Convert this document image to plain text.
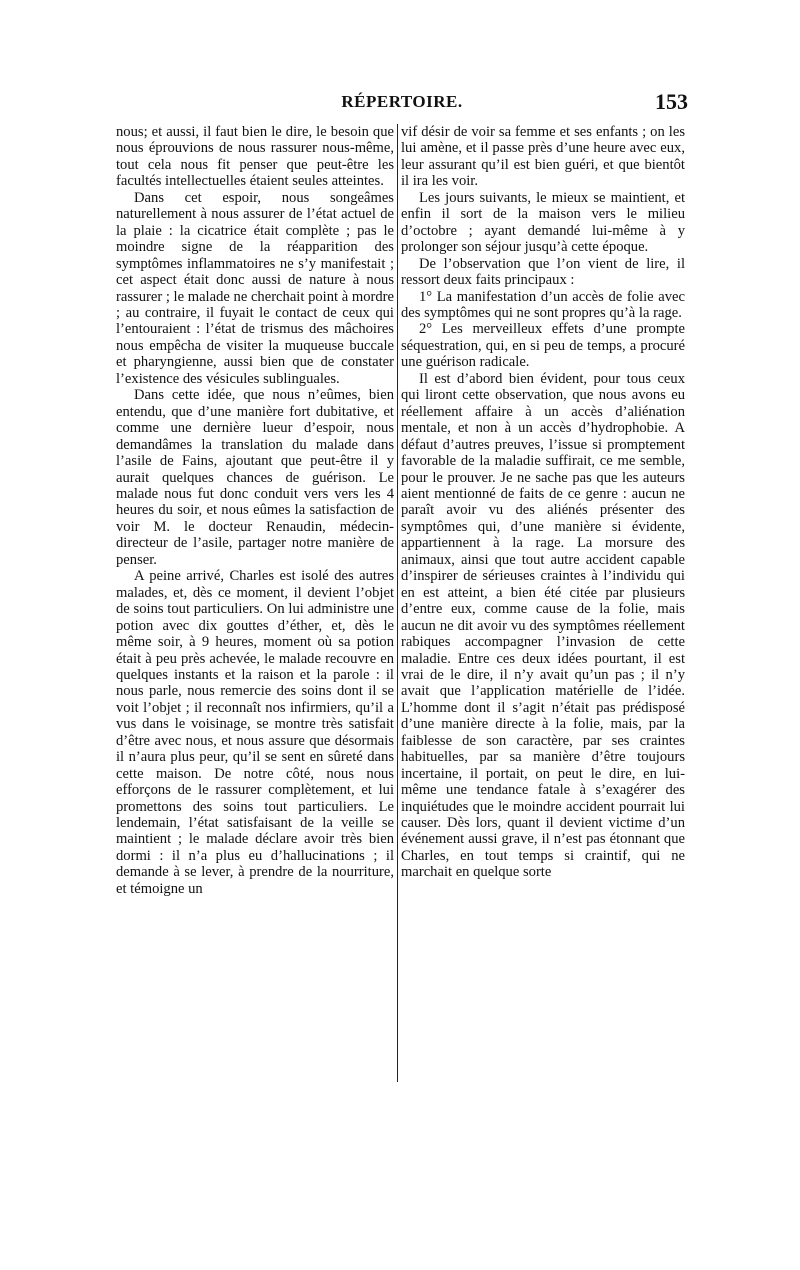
RÉPERTOIRE.	153

nous; et aussi, il faut bien le dire, le besoin que nous éprouvions de nous rassurer nous-même, tout cela nous fit penser que peut-être les facultés intellectuelles étaient seules atteintes.

Dans cet espoir, nous songeâmes naturellement à nous assurer de l’état actuel de la plaie : la cicatrice était complète ; pas le moindre signe de la réapparition des symptômes inflammatoires ne s’y manifestait ; cet aspect était donc aussi de nature à nous rassurer ; le malade ne cherchait point à mordre ; au contraire, il fuyait le contact de ceux qui l’entouraient : l’état de trismus des mâchoires nous empêcha de visiter la muqueuse buccale et pharyngienne, aussi bien que de constater l’existence des vésicules sublinguales.

Dans cette idée, que nous n’eûmes, bien entendu, que d’une manière fort dubitative, et comme une dernière lueur d’espoir, nous demandâmes la translation du malade dans l’asile de Fains, ajoutant que peut-être il y aurait quelques chances de guérison. Le malade nous fut donc conduit vers vers les 4 heures du soir, et nous eûmes la satisfaction de voir M. le docteur Renaudin, médecin-directeur de l’asile, partager notre manière de penser.

A peine arrivé, Charles est isolé des autres malades, et, dès ce moment, il devient l’objet de soins tout particuliers. On lui administre une potion avec dix gouttes d’éther, et, dès le même soir, à 9 heures, moment où sa potion était à peu près achevée, le malade recouvre en quelques instants et la raison et la parole : il nous parle, nous remercie des soins dont il se voit l’objet ; il reconnaît nos infirmiers, qu’il a vus dans le voisinage, se montre très satisfait d’être avec nous, et nous assure que désormais il n’aura plus peur, qu’il se sent en sûreté dans cette maison. De notre côté, nous nous efforçons de le rassurer complètement, et lui promettons des soins tout particuliers. Le lendemain, l’état satisfaisant de la veille se maintient ; le malade déclare avoir très bien dormi : il n’a plus eu d’hallucinations ; il demande à se lever, à prendre de la nourriture, et témoigne un

vif désir de voir sa femme et ses enfants ; on les lui amène, et il passe près d’une heure avec eux, leur assurant qu’il est bien guéri, et que bientôt il ira les voir.

Les jours suivants, le mieux se maintient, et enfin il sort de la maison vers le milieu d’octobre ; ayant demandé lui-même à y prolonger son séjour jusqu’à cette époque.

De l’observation que l’on vient de lire, il ressort deux faits principaux :

1° La manifestation d’un accès de folie avec des symptômes qui ne sont propres qu’à la rage.

2° Les merveilleux effets d’une prompte séquestration, qui, en si peu de temps, a procuré une guérison radicale.

Il est d’abord bien évident, pour tous ceux qui liront cette observation, que nous avons eu réellement affaire à un accès d’aliénation mentale, et non à un accès d’hydrophobie. A défaut d’autres preuves, l’issue si promptement favorable de la maladie suffirait, ce me semble, pour le prouver. Je ne sache pas que les auteurs aient mentionné de faits de ce genre : aucun ne paraît avoir vu des aliénés présenter des symptômes qui, d’une manière si évidente, appartiennent à la rage. La morsure des animaux, ainsi que tout autre accident capable d’inspirer de sérieuses craintes à l’individu qui en est atteint, a bien été citée par plusieurs d’entre eux, comme cause de la folie, mais aucun ne dit avoir vu des symptômes réellement rabiques accompagner l’invasion de cette maladie. Entre ces deux idées pourtant, il est vrai de le dire, il n’y avait qu’un pas ; il n’y avait que l’application matérielle de l’idée. L’homme dont il s’agit n’était pas prédisposé d’une manière directe à la folie, mais, par la faiblesse de son caractère, par ses craintes habituelles, par sa manière d’être toujours incertaine, il portait, on peut le dire, en lui-même une tendance fatale à s’exagérer des inquiétudes que le moindre accident pourrait lui causer. Dès lors, quant il devient victime d’un événement aussi grave, il n’est pas étonnant que Charles, en tout temps si craintif, qui ne marchait en quelque sorte
